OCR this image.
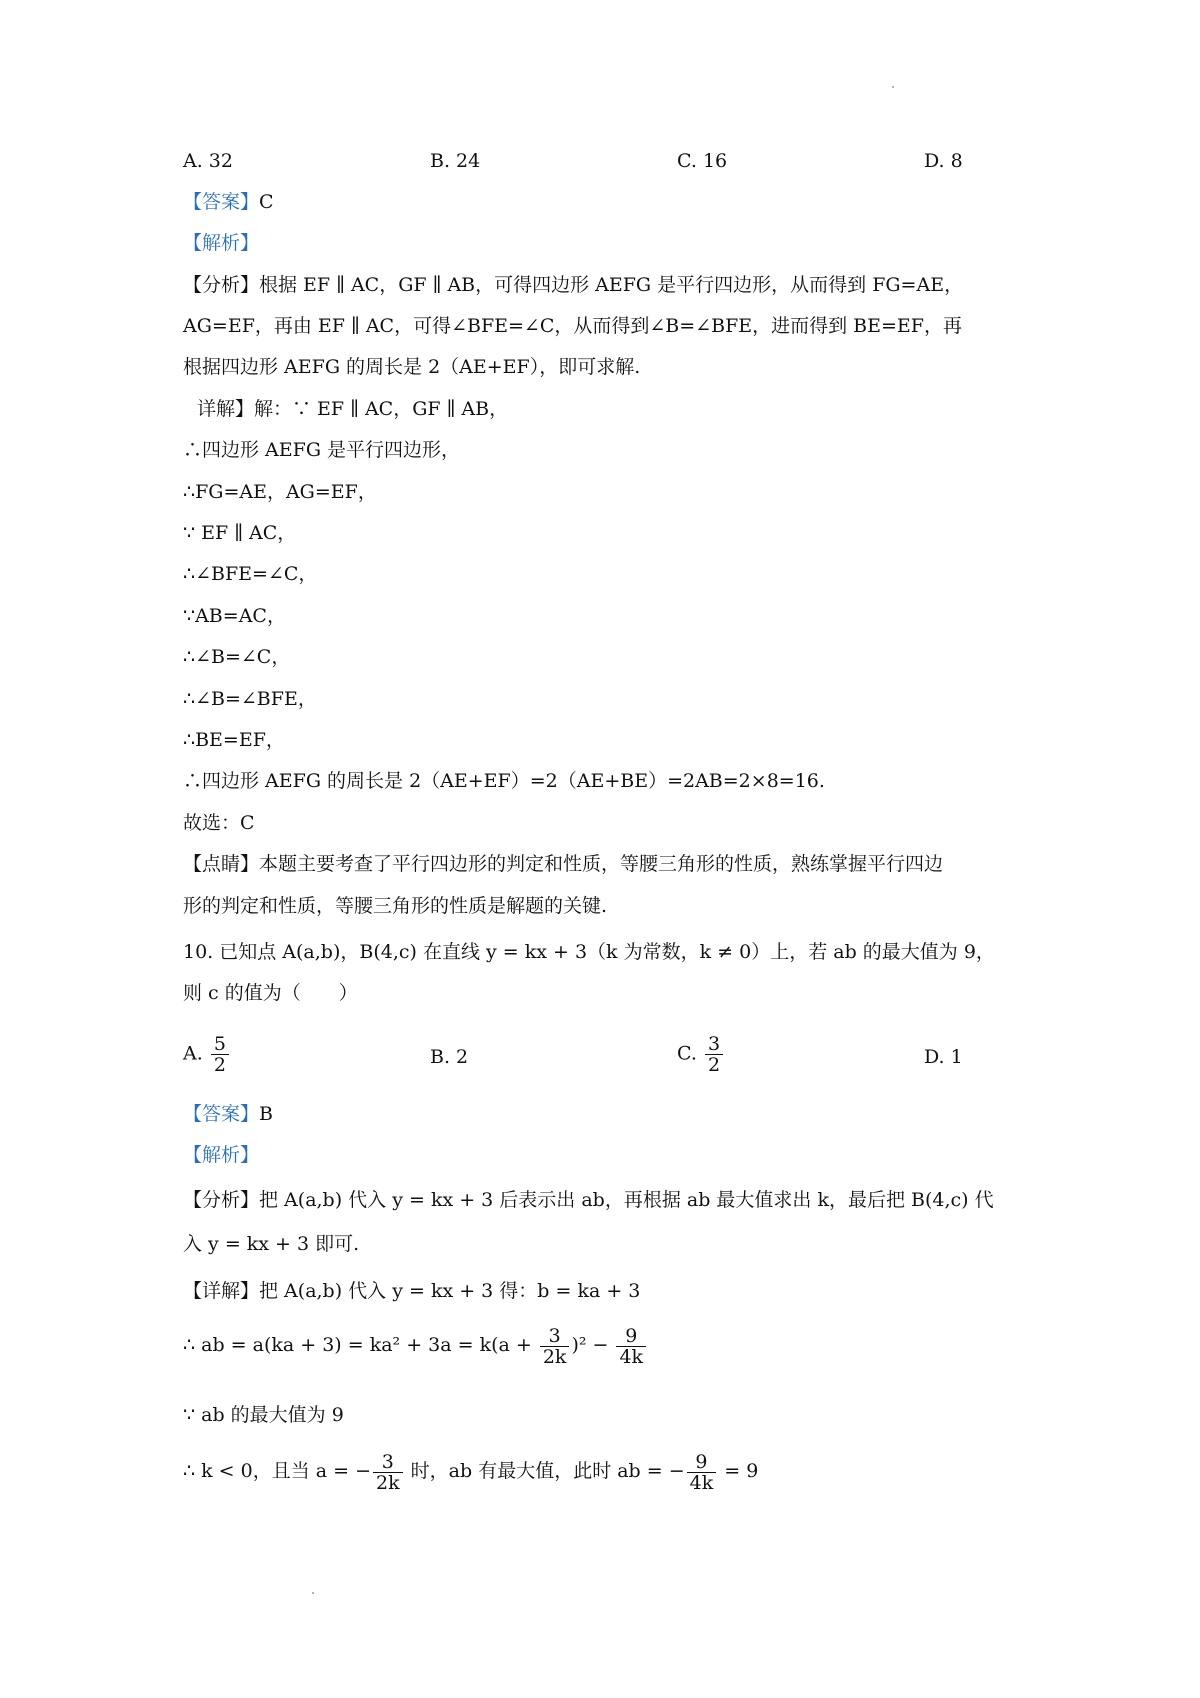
A. 32	B. 24	C. 16	D. 8
【答案】C
【解析】
【分析】根据 EF ∥ AC，GF ∥ AB，可得四边形 AEFG 是平行四边形，从而得到 FG=AE，
AG=EF，再由 EF ∥ AC，可得∠BFE=∠C，从而得到∠B=∠BFE，进而得到 BE=EF，再
根据四边形 AEFG 的周长是 2（AE+EF），即可求解.
详解】解：∵ EF ∥ AC，GF ∥ AB，
∴四边形 AEFG 是平行四边形，
∴FG=AE，AG=EF，
∵ EF ∥ AC，
∴∠BFE=∠C，
∵AB=AC，
∴∠B=∠C，
∴∠B=∠BFE，
∴BE=EF，
∴四边形 AEFG 的周长是 2（AE+EF）=2（AE+BE）=2AB=2×8=16.
故选：C
【点睛】本题主要考查了平行四边形的判定和性质，等腰三角形的性质，熟练掌握平行四边
形的判定和性质，等腰三角形的性质是解题的关键.
10. 已知点 A(a,b)，B(4,c) 在直线 y = kx + 3（k 为常数，k ≠ 0）上，若 ab 的最大值为 9，
则 c 的值为（　　）
A. $\frac{5}{2}$	B. 2	C. $\frac{3}{2}$	D. 1
【答案】B
【解析】
【分析】把 A(a,b) 代入 y = kx + 3 后表示出 ab，再根据 ab 最大值求出 k，最后把 B(4,c) 代
入 y = kx + 3 即可.
【详解】把 A(a,b) 代入 y = kx + 3 得：b = ka + 3
∴ ab = $a(ka + 3) = ka^2 + 3a = k(a + \frac{3}{2k} )^2 - \frac{9}{4k}$
∵ ab 的最大值为 9
∴ k < 0，且当 a = − $\frac{3}{2k}$ 时，ab 有最大值，此时 ab = − $\frac{9}{4k} = 9$
